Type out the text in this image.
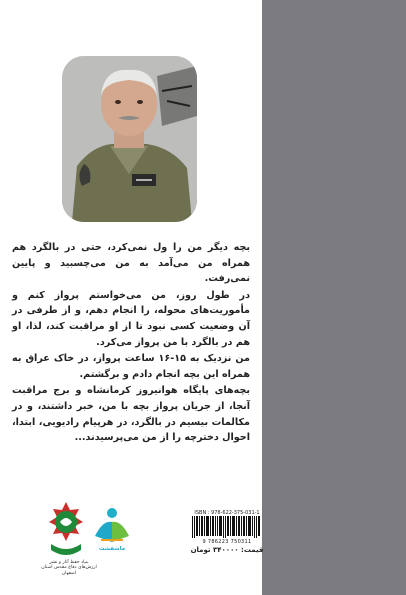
بچه دیگر من را ول نمی‌کرد، حتی در بالگرد هم همراه من می‌آمد به من می‌چسبید و پایین نمی‌رفت.

در طول روز، من می‌خواستم پرواز کنم و مأموریت‌های محوله، را انجام دهم، و از طرفی در آن وضعیت کسی نبود تا از او مراقبت کند، لذا، او هم در بالگرد با من پرواز می‌کرد.

من نزدیک به ۱۵-۱۶ ساعت پرواز، در خاک عراق به همراه این بچه انجام دادم و برگشتم.

بچه‌های پایگاه هوانیروز کرمانشاه و برج مراقبت آنجا، از جریان پرواز بچه با من، خبر داشتند، و در مکالمات بیسیم در بالگرد، در هرپیام رادیویی، ابتدا، احوال دخترچه را از من می‌پرسیدند...

بنیاد حفظ آثار و نشر ارزش‌های دفاع مقدس استان اصفهان
ماشفشت
ISBN : 978-622-375-031-1
9 786223 750311
قیمت: ۳۴۰۰۰۰ تومان
